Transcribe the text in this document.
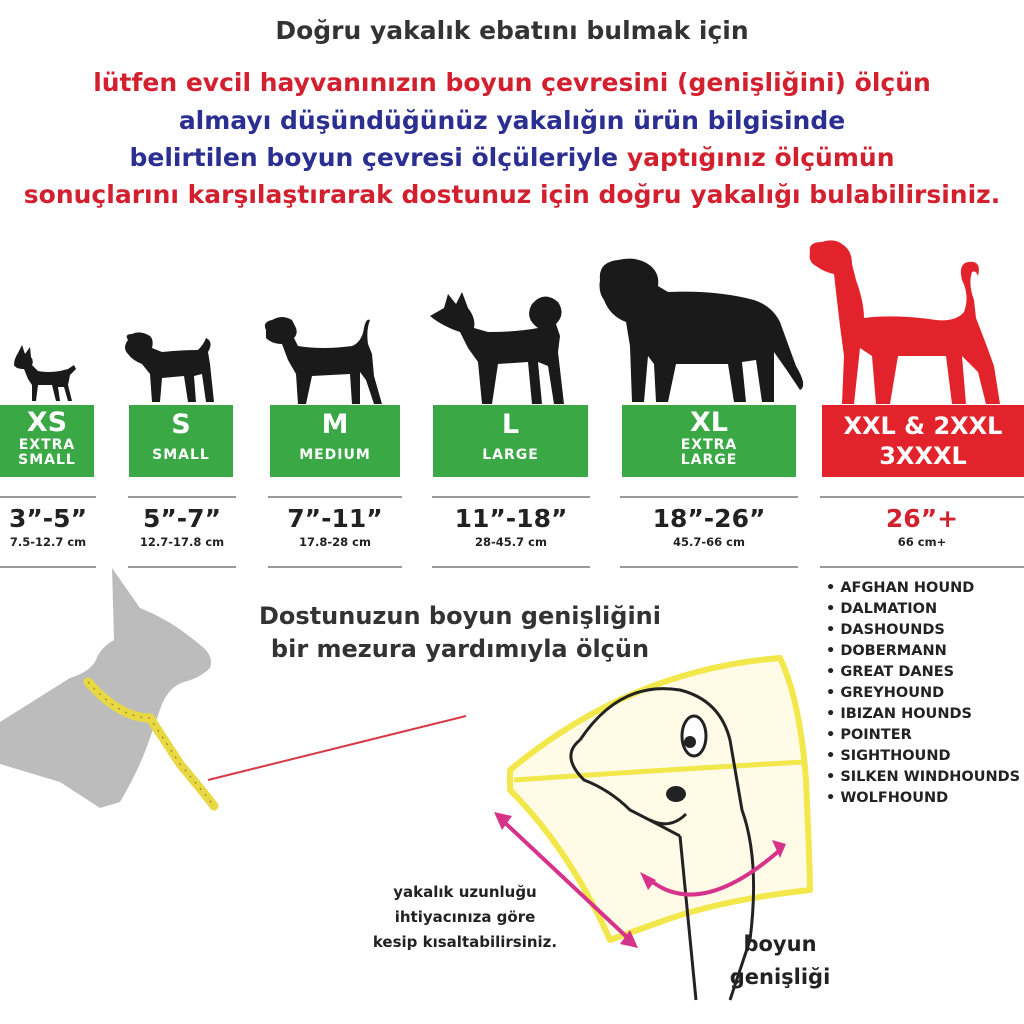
Doğru yakalık ebatını bulmak için
lütfen evcil hayvanınızın boyun çevresini (genişliğini) ölçün
almayı düşündüğünüz yakalığın ürün bilgisinde
belirtilen boyun çevresi ölçüleriyle yaptığınız ölçümün
sonuçlarını karşılaştırarak dostunuz için doğru yakalığı bulabilirsiniz.
XS
EXTRA
SMALL
S
SMALL
M
MEDIUM
L
LARGE
XL
EXTRA
LARGE
XXL & 2XXL
3XXXL
3”-5”
7.5-12.7 cm
5”-7”
12.7-17.8 cm
7”-11”
17.8-28 cm
11”-18”
28-45.7 cm
18”-26”
45.7-66 cm
26”+
66 cm+
• AFGHAN HOUND
• DALMATION
• DASHOUNDS
• DOBERMANN
• GREAT DANES
• GREYHOUND
• IBIZAN HOUNDS
• POINTER
• SIGHTHOUND
• SILKEN WINDHOUNDS
• WOLFHOUND
Dostunuzun boyun genişliğini
bir mezura yardımıyla ölçün
yakalık uzunluğu
ihtiyacınıza göre
kesip kısaltabilirsiniz.	boyun
genişliği
